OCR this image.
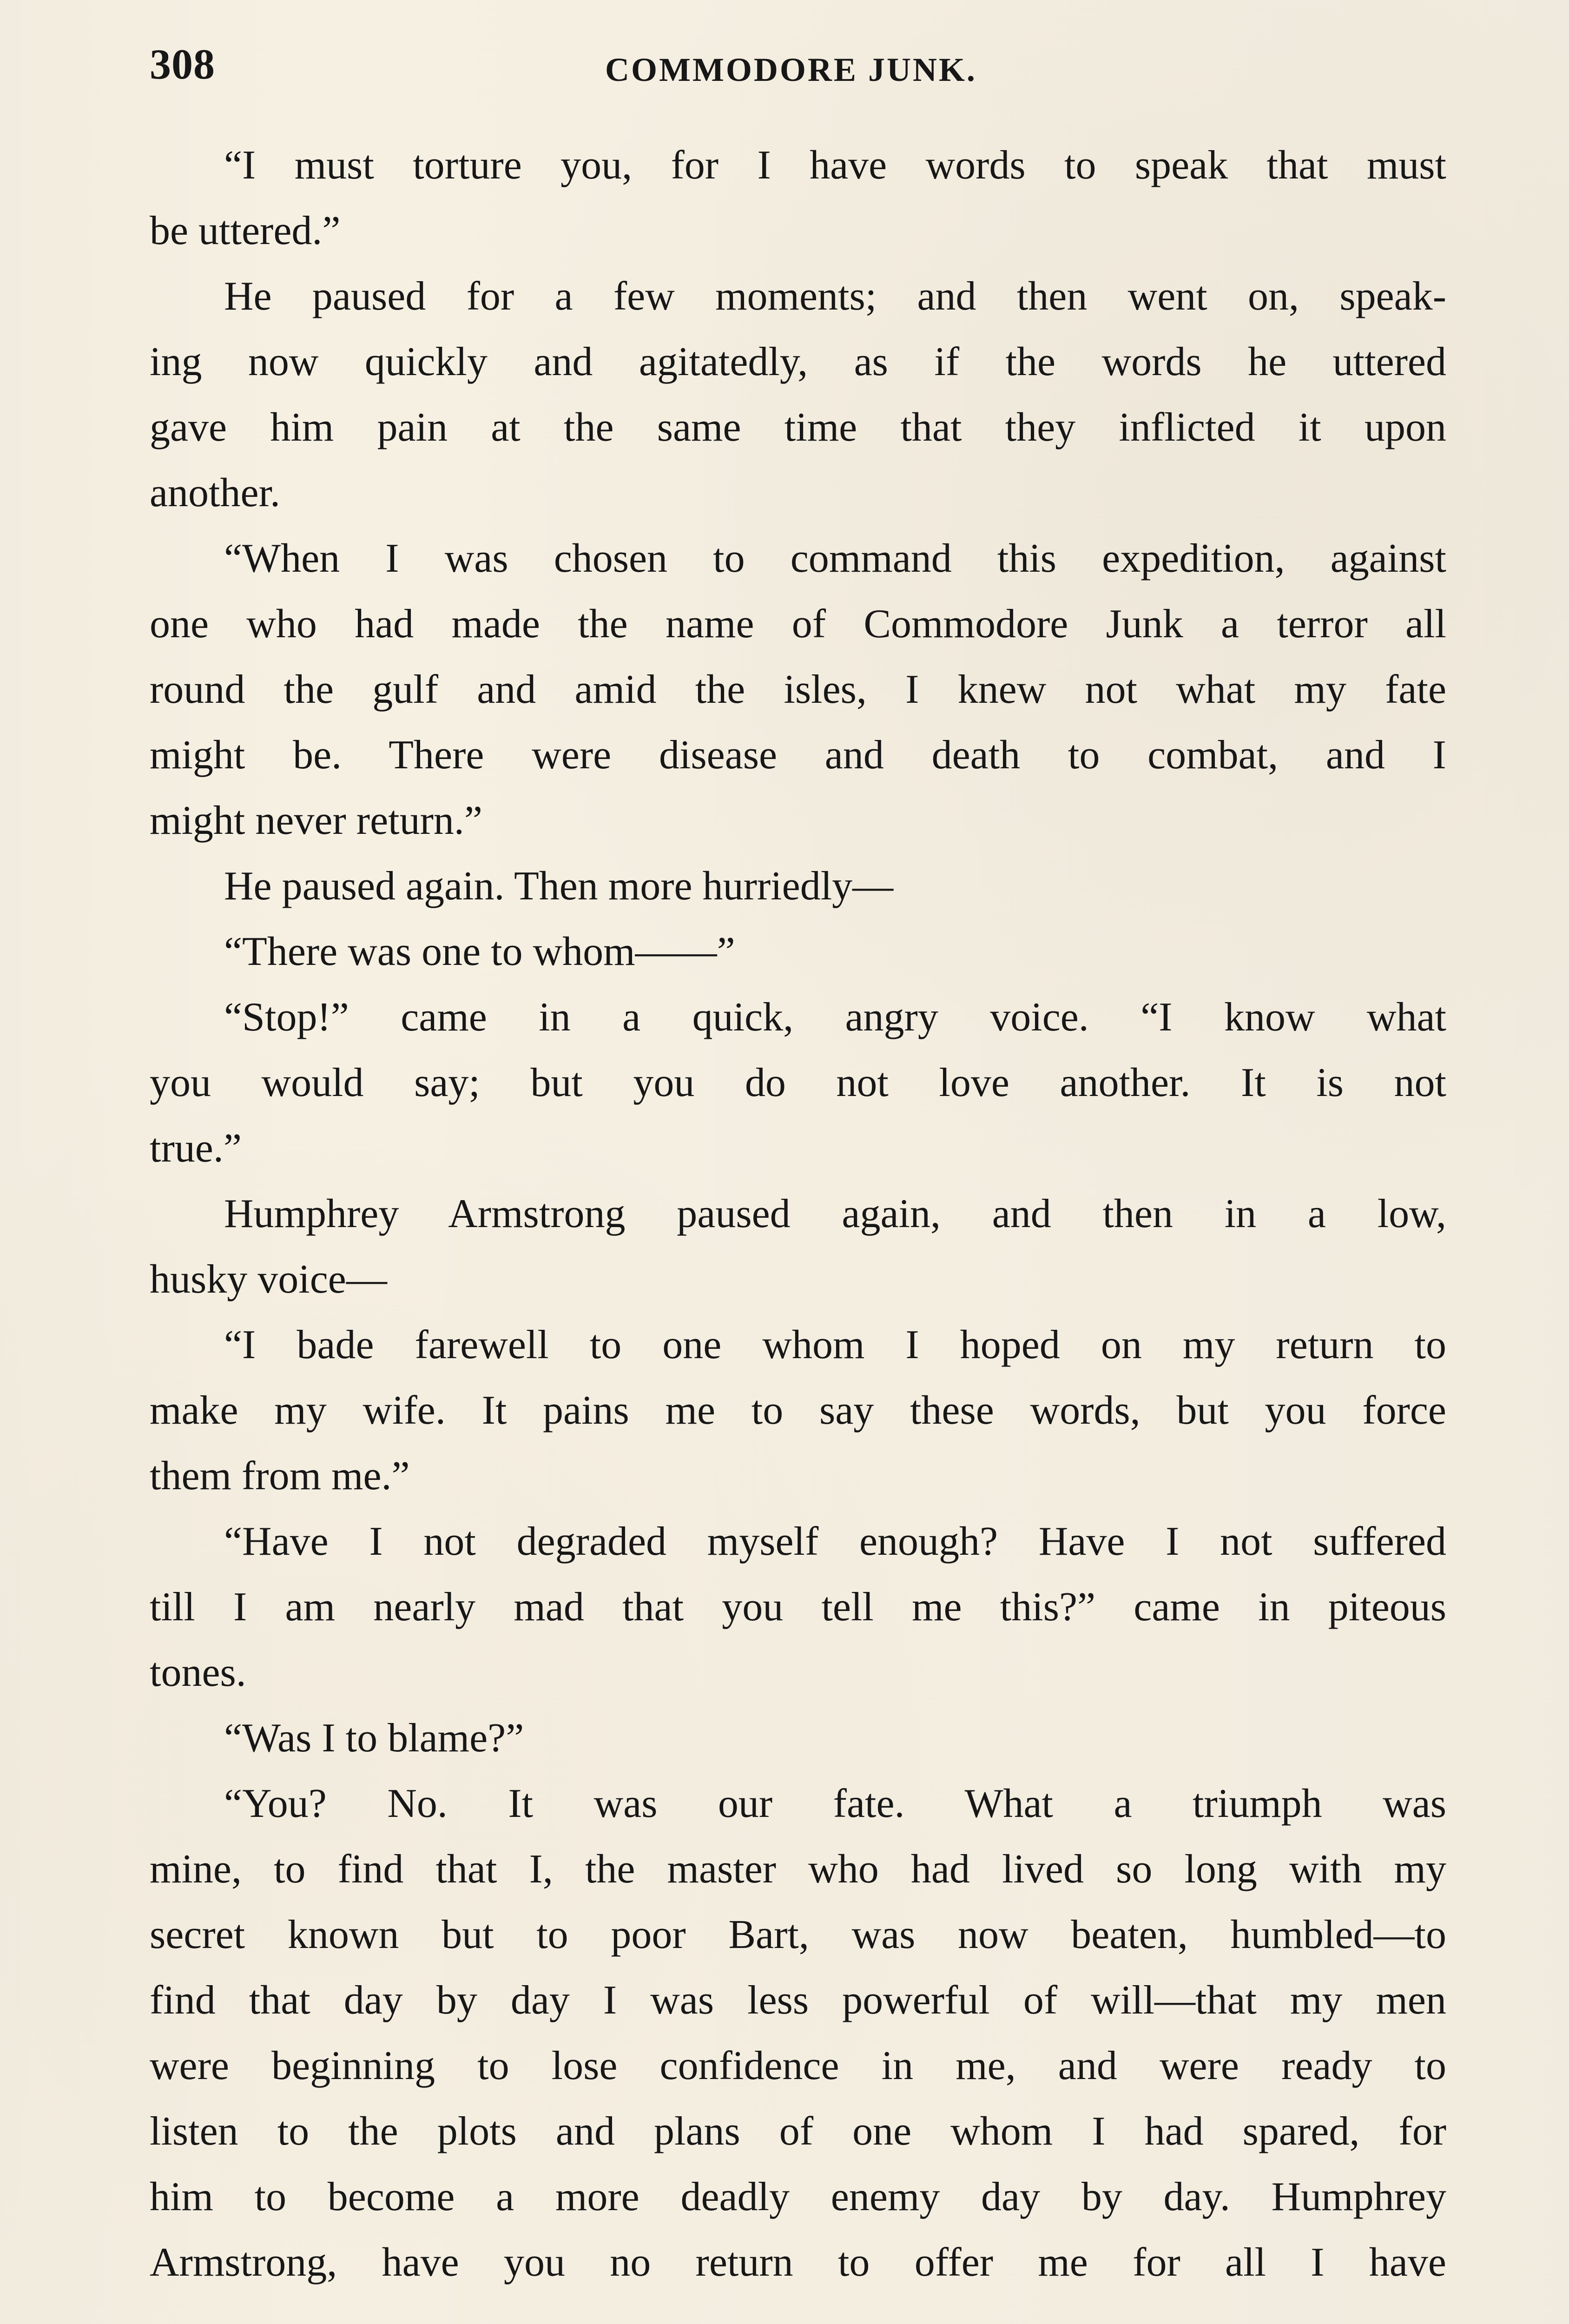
308	COMMODORE JUNK.
“I must torture you, for I have words to speak that must
be uttered.”
He paused for a few moments; and then went on, speak-
ing now quickly and agitatedly, as if the words he uttered
gave him pain at the same time that they inflicted it upon
another.
“When I was chosen to command this expedition, against
one who had made the name of Commodore Junk a terror all
round the gulf and amid the isles, I knew not what my fate
might be. There were disease and death to combat, and I
might never return.”
He paused again. Then more hurriedly—
“There was one to whom——”
“Stop!” came in a quick, angry voice. “I know what
you would say; but you do not love another. It is not
true.”
Humphrey Armstrong paused again, and then in a low,
husky voice—
“I bade farewell to one whom I hoped on my return to
make my wife. It pains me to say these words, but you force
them from me.”
“Have I not degraded myself enough? Have I not suffered
till I am nearly mad that you tell me this?” came in piteous
tones.
“Was I to blame?”
“You? No. It was our fate. What a triumph was
mine, to find that I, the master who had lived so long with my
secret known but to poor Bart, was now beaten, humbled—to
find that day by day I was less powerful of will—that my men
were beginning to lose confidence in me, and were ready to
listen to the plots and plans of one whom I had spared, for
him to become a more deadly enemy day by day. Humphrey
Armstrong, have you no return to offer me for all I have
